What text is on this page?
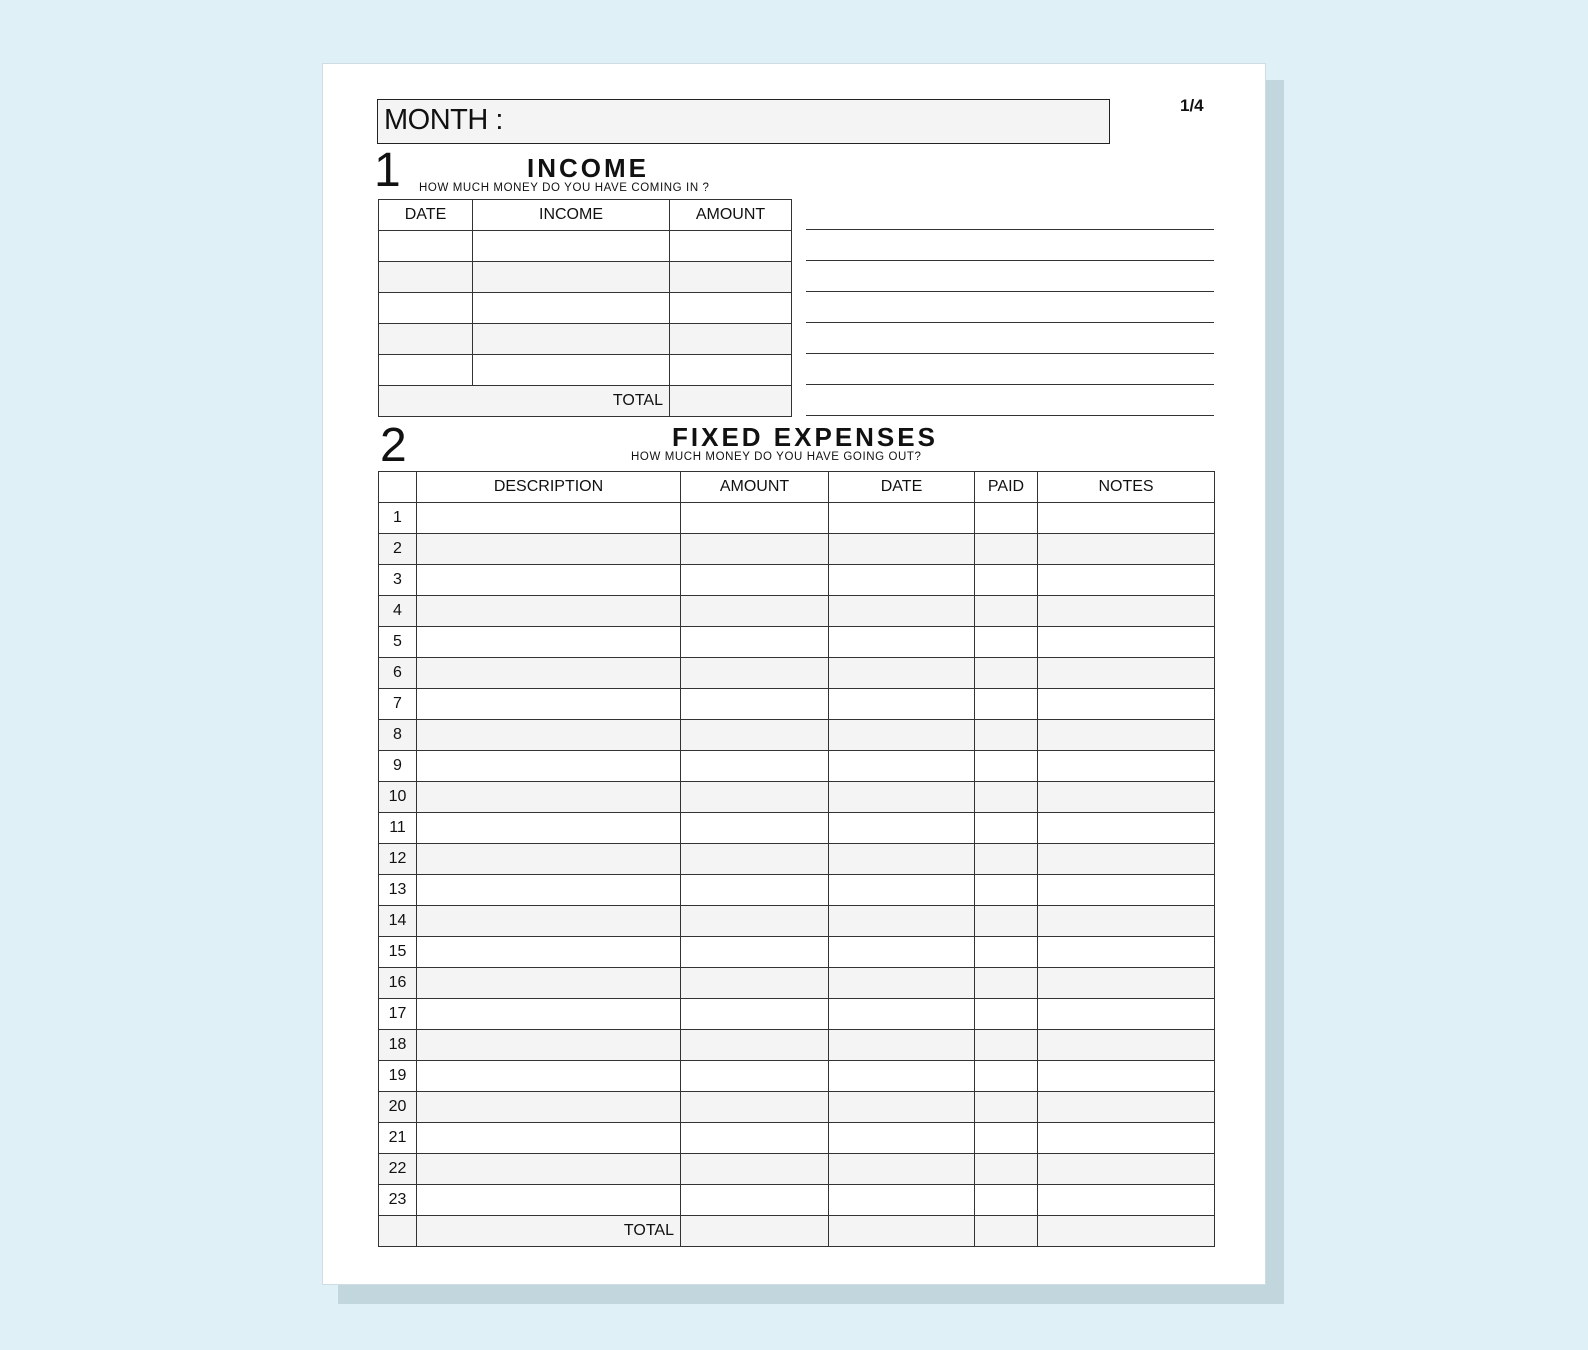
1/4
MONTH :
1	INCOME
HOW MUCH MONEY DO YOU HAVE COMING IN ?
DATE	INCOME	AMOUNT

TOTAL		
2	FIXED EXPENSES
HOW MUCH MONEY DO YOU HAVE GOING OUT?
	DESCRIPTION	AMOUNT	DATE	PAID	NOTES
1					
2					
3					
4					
5					
6					
7					
8					
9					
10					
11					
12					
13					
14					
15					
16					
17					
18					
19					
20					
21					
22					
23					
	TOTAL				
